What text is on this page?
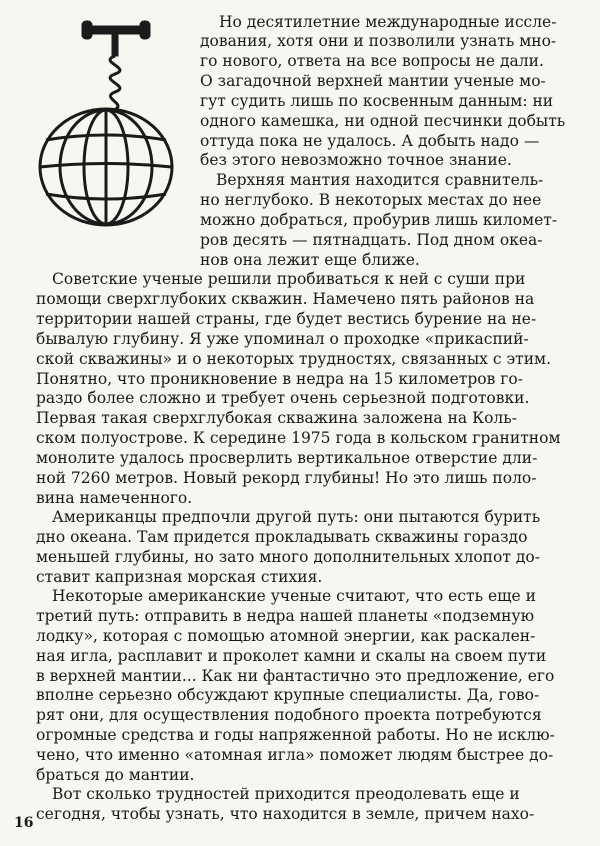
Но десятилетние международные иссле-
дования, хотя они и позволили узнать мно-
го нового, ответа на все вопросы не дали.
О загадочной верхней мантии ученые мо-
гут судить лишь по косвенным данным: ни
одного камешка, ни одной песчинки добыть
оттуда пока не удалось. А добыть надо —
без этого невозможно точное знание.
Верхняя мантия находится сравнитель-
но неглубоко. В некоторых местах до нее
можно добраться, пробурив лишь километ-
ров десять — пятнадцать. Под дном океа-
нов она лежит еще ближе.
Советские ученые решили пробиваться к ней с суши при
помощи сверхглубоких скважин. Намечено пять районов на
территории нашей страны, где будет вестись бурение на не-
бывалую глубину. Я уже упоминал о проходке «прикаспий-
ской скважины» и о некоторых трудностях, связанных с этим.
Понятно, что проникновение в недра на 15 километров го-
раздо более сложно и требует очень серьезной подготовки.
Первая такая сверхглубокая скважина заложена на Коль-
ском полуострове. К середине 1975 года в кольском гранитном
монолите удалось просверлить вертикальное отверстие дли-
ной 7260 метров. Новый рекорд глубины! Но это лишь поло-
вина намеченного.
Американцы предпочли другой путь: они пытаются бурить
дно океана. Там придется прокладывать скважины гораздо
меньшей глубины, но зато много дополнительных хлопот до-
ставит капризная морская стихия.
Некоторые американские ученые считают, что есть еще и
третий путь: отправить в недра нашей планеты «подземную
лодку», которая с помощью атомной энергии, как раскален-
ная игла, расплавит и проколет камни и скалы на своем пути
в верхней мантии... Как ни фантастично это предложение, его
вполне серьезно обсуждают крупные специалисты. Да, гово-
рят они, для осуществления подобного проекта потребуются
огромные средства и годы напряженной работы. Но не исклю-
чено, что именно «атомная игла» поможет людям быстрее до-
браться до мантии.
Вот сколько трудностей приходится преодолевать еще и
сегодня, чтобы узнать, что находится в земле, причем нахо-
16
